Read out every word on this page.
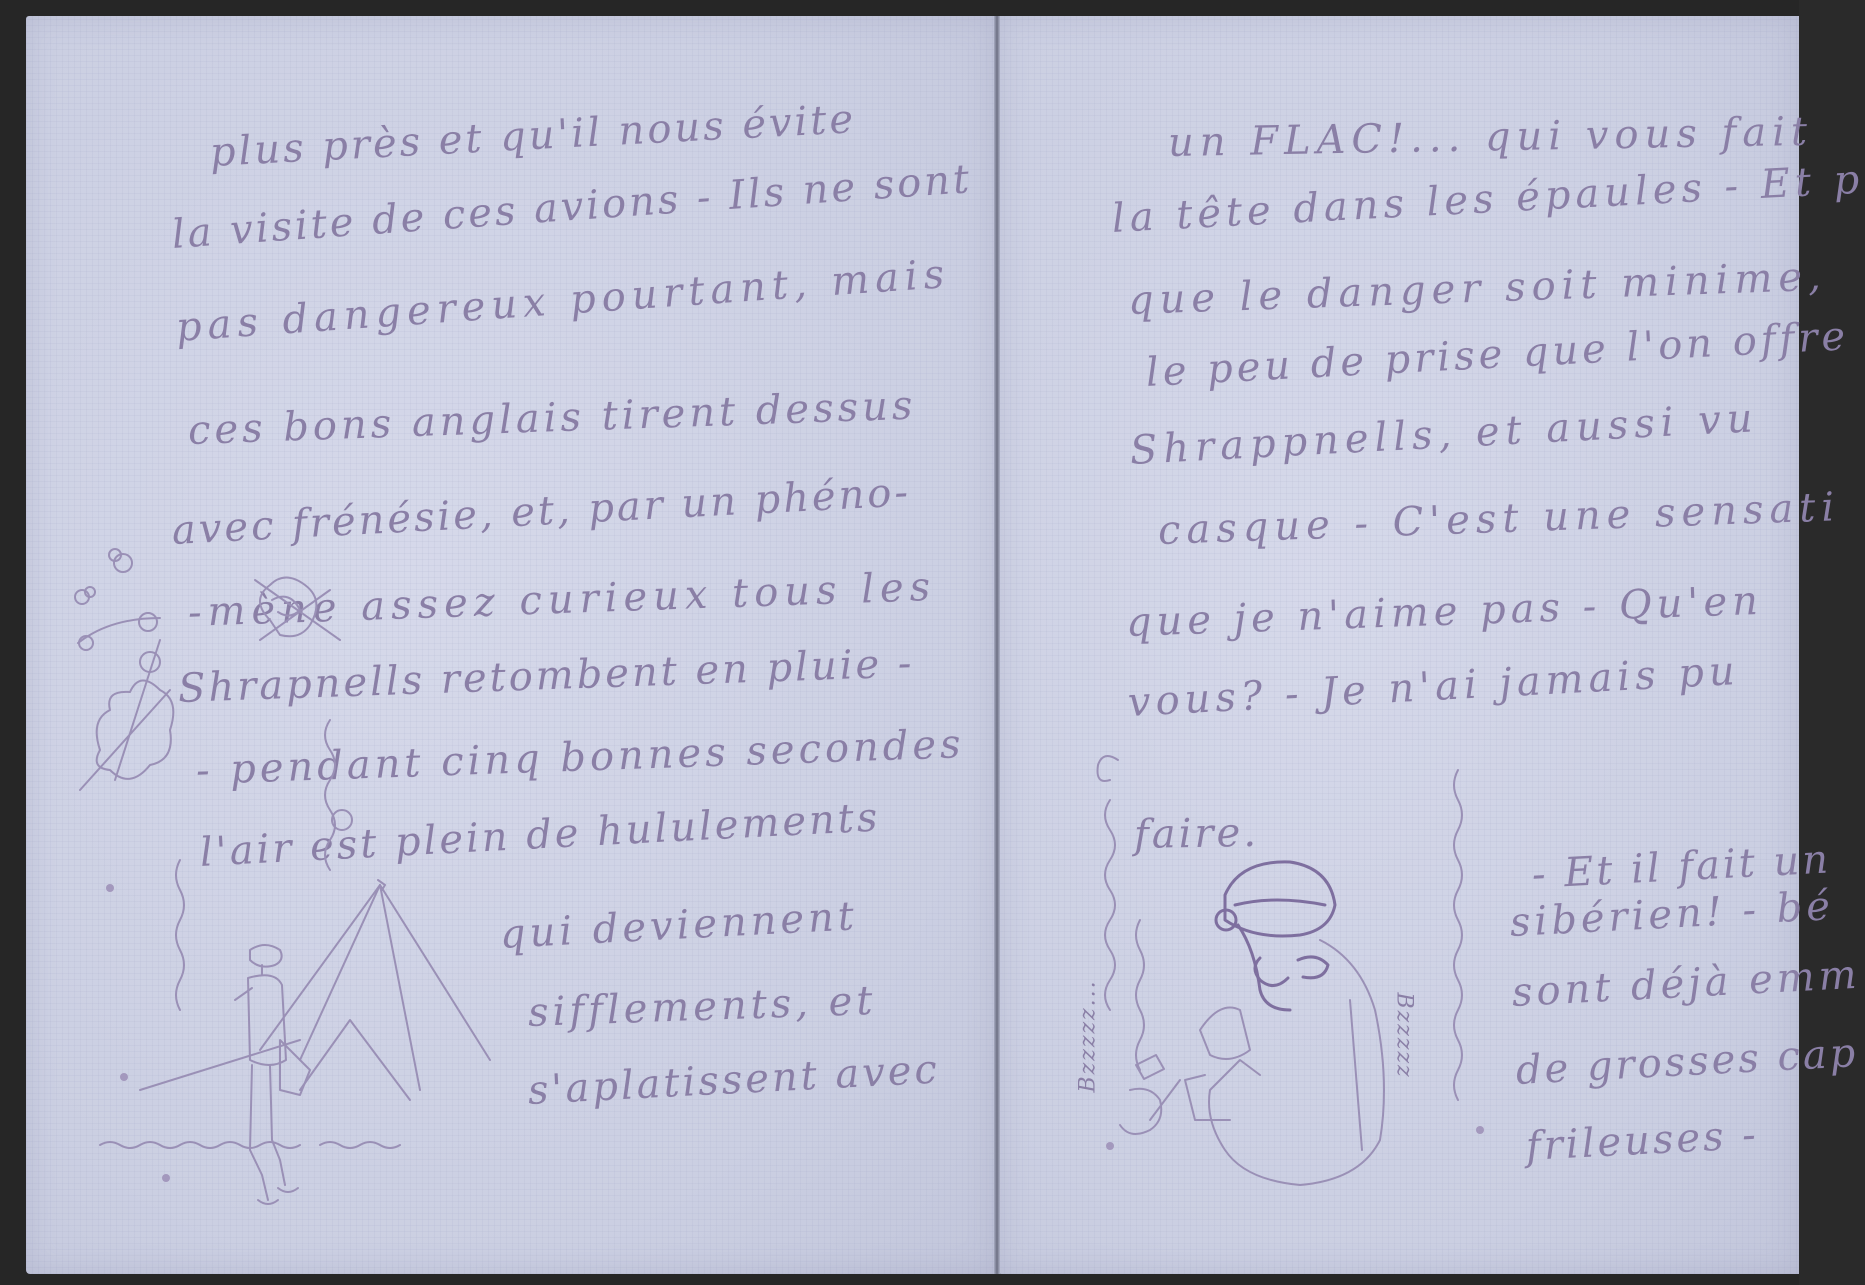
plus près et qu'il nous évite

la visite de ces avions - Ils ne sont

pas dangereux pourtant, mais

ces bons anglais tirent dessus

avec frénésie, et, par un phéno-

-mène assez curieux tous les

Shrapnells retombent en pluie -

- pendant cinq bonnes secondes

l'air est plein de hululements

qui deviennent

sifflements, et

s'aplatissent avec

un FLAC!... qui vous fait

la tête dans les épaules - Et p

que le danger soit minime,

le peu de prise que l'on offre

Shrappnells, et aussi vu

casque - C'est une sensati

que je n'aime pas - Qu'en

vous? - Je n'ai jamais pu

faire.

- Et il fait un

sibérien! - bé

sont déjà emm

de grosses cap

frileuses -

Bzzzzz...	Bzzzzz
